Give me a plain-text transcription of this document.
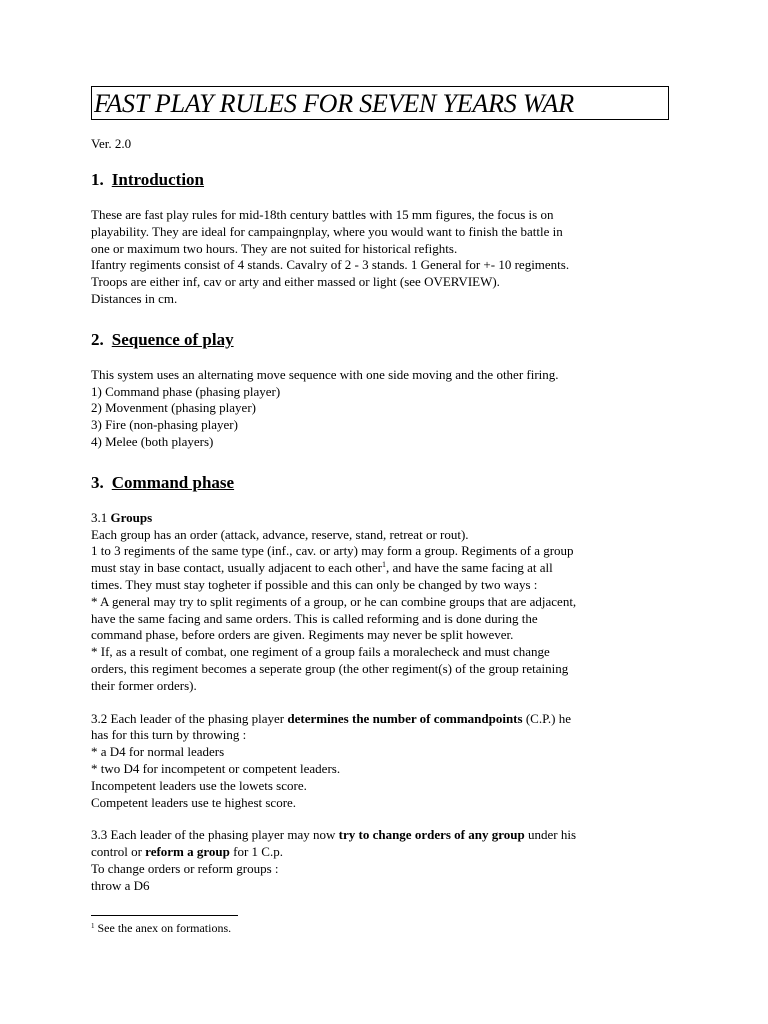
FAST PLAY RULES FOR SEVEN YEARS WAR
Ver. 2.0
1. Introduction
These are fast play rules for mid-18th century battles with 15 mm figures, the focus is on
playability. They are ideal for campaingnplay, where you would want to finish the battle in
one or maximum two hours. They are not suited for historical refights.
Ifantry regiments consist of 4 stands. Cavalry of 2 - 3 stands. 1 General for +- 10 regiments.
Troops are either inf, cav or arty and either massed or light (see OVERVIEW).
Distances in cm.
2. Sequence of play
This system uses an alternating move sequence with one side moving and the other firing.
1) Command phase (phasing player)
2) Movenment (phasing player)
3) Fire (non-phasing player)
4) Melee (both players)
3. Command phase
3.1 Groups
Each group has an order (attack, advance, reserve, stand, retreat or rout).
1 to 3 regiments of the same type (inf., cav. or arty) may form a group. Regiments of a group
must stay in base contact, usually adjacent to each other$^1$, and have the same facing at all
times. They must stay togheter if possible and this can only be changed by two ways :
* A general may try to split regiments of a group, or he can combine groups that are adjacent,
have the same facing and same orders. This is called reforming and is done during the
command phase, before orders are given. Regiments may never be split however.
* If, as a result of combat, one regiment of a group fails a moralecheck and must change
orders, this regiment becomes a seperate group (the other regiment(s) of the group retaining
their former orders).
3.2 Each leader of the phasing player determines the number of commandpoints (C.P.) he
has for this turn by throwing :
* a D4 for normal leaders
* two D4 for incompetent or competent leaders.
Incompetent leaders use the lowets score.
Competent leaders use te highest score.
3.3 Each leader of the phasing player may now try to change orders of any group under his
control or reform a group for 1 C.p.
To change orders or reform groups :
throw a D6
$^1$ See the anex on formations.
